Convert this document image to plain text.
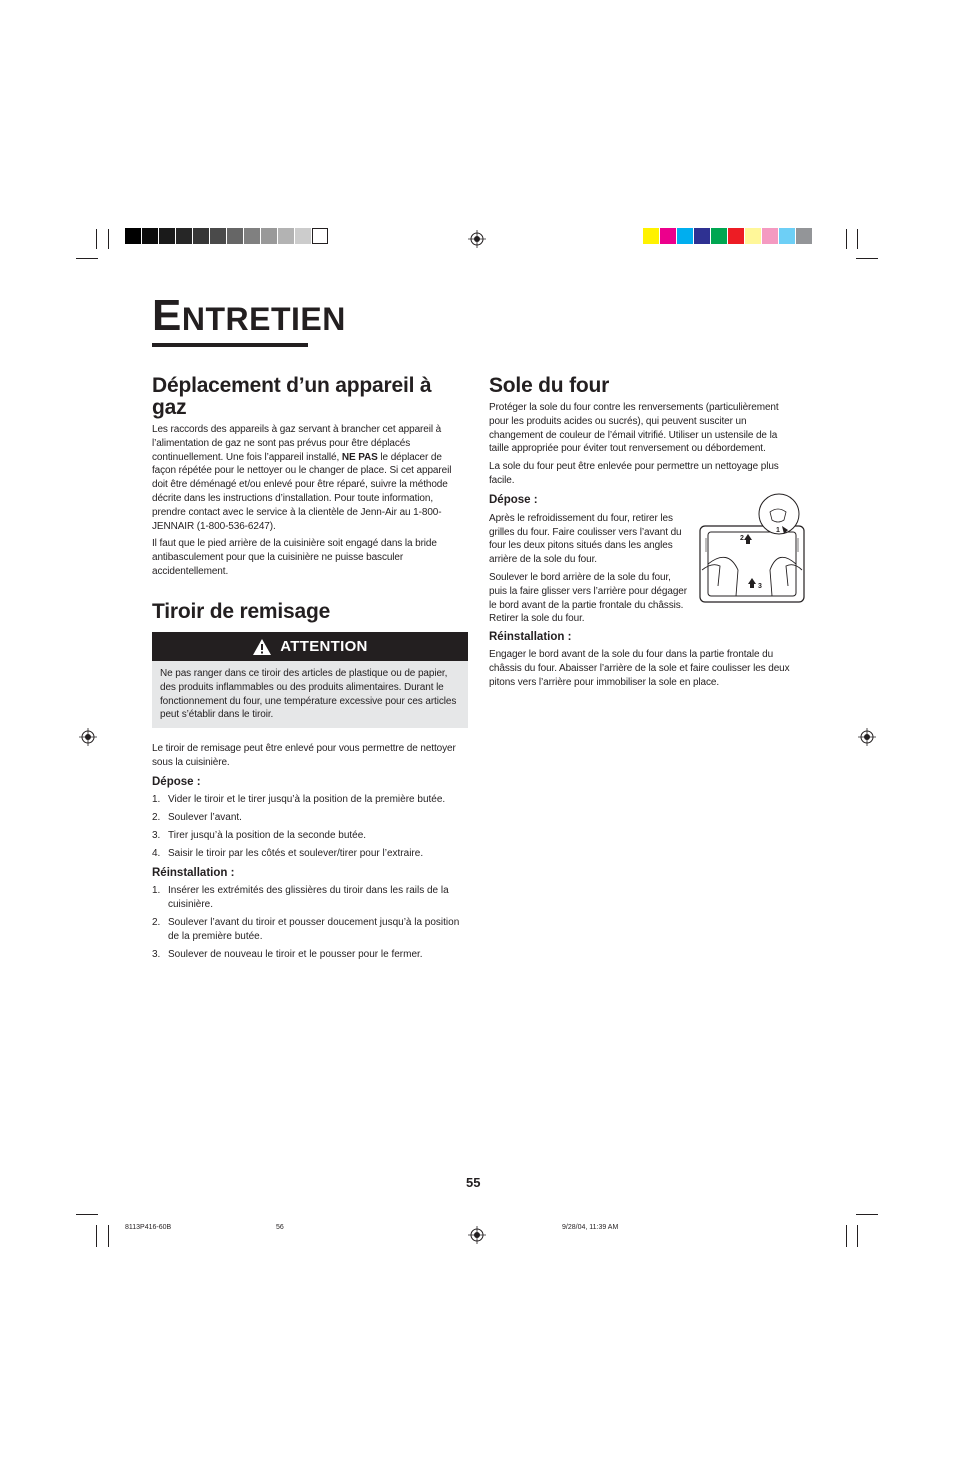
ENTRETIEN
Déplacement d’un appareil à gaz

Les raccords des appareils à gaz servant à brancher cet appareil à l’alimentation de gaz ne sont pas prévus pour être déplacés continuellement. Une fois l’appareil installé, NE PAS le déplacer de façon répétée pour le nettoyer ou le changer de place. Si cet appareil doit être déménagé et/ou enlevé pour être réparé, suivre la méthode décrite dans les instructions d’installation. Pour toute information, prendre contact avec le service à la clientèle de Jenn-Air au 1-800-JENNAIR (1-800-536-6247).

Il faut que le pied arrière de la cuisinière soit engagé dans la bride antibasculement pour que la cuisinière ne puisse basculer accidentellement.

Tiroir de remisage
ATTENTION

Ne pas ranger dans ce tiroir des articles de plastique ou de papier, des produits inflammables ou des produits alimentaires. Durant le fonctionnement du four, une température excessive pour ces articles peut s’établir dans le tiroir.

Le tiroir de remisage peut être enlevé pour vous permettre de nettoyer sous la cuisinière.

Dépose :
1. Vider le tiroir et le tirer jusqu’à la position de la première butée.
2. Soulever l’avant.
3. Tirer jusqu’à la position de la seconde butée.
4. Saisir le tiroir par les côtés et soulever/tirer pour l’extraire.
Réinstallation :
1. Insérer les extrémités des glissières du tiroir dans les rails de la cuisinière.
2. Soulever l’avant du tiroir et pousser doucement jusqu’à la position de la première butée.
3. Soulever de nouveau le tiroir et le pousser pour le fermer.
Sole du four

Protéger la sole du four contre les renversements (particulièrement pour les produits acides ou sucrés), qui peuvent susciter un changement de couleur de l’émail vitrifié. Utiliser un ustensile de la taille appropriée pour éviter tout renversement ou débordement.

La sole du four peut être enlevée pour permettre un nettoyage plus facile.

Dépose :

Après le refroidissement du four, retirer les grilles du four. Faire coulisser vers l’avant du four les deux pitons situés dans les angles arrière de la sole du four.

Soulever le bord arrière de la sole du four, puis la faire glisser vers l’arrière pour dégager le bord avant de la partie frontale du châssis. Retirer la sole du four.

Réinstallation :

Engager le bord avant de la sole du four dans la partie frontale du châssis du four. Abaisser l’arrière de la sole et faire coulisser les deux pitons vers l’arrière pour immobiliser la sole en place.

1
2
3
55
8113P416-60B	56	9/28/04, 11:39 AM
